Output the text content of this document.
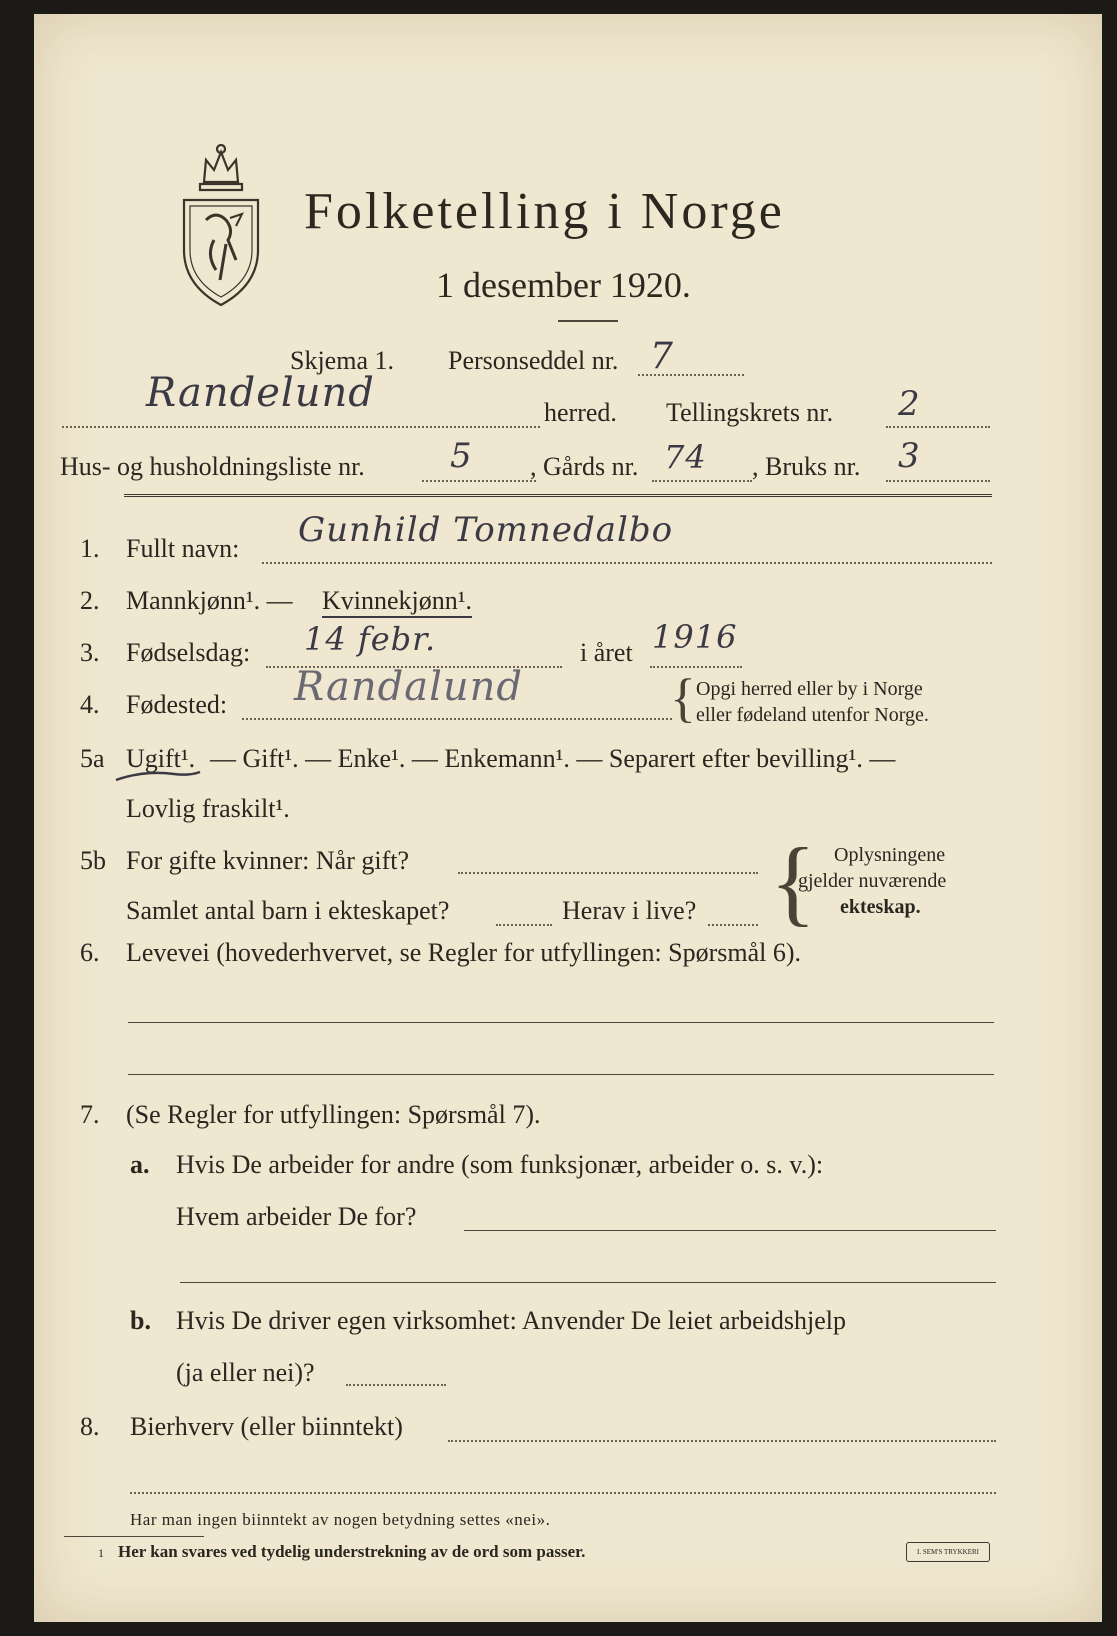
Folketelling i Norge
1 desember 1920.
Skjema 1. Personseddel nr. 7
Randelund	herred. Tellingskrets nr. 2
Hus- og husholdningsliste nr.	5 , Gårds nr. 74 , Bruks nr. 3
1. Fullt navn: Gunhild Tomnedalbo
2. Mannkjønn¹. — Kvinnekjønn¹.
3. Fødselsdag: 14 febr.	i året 1916
4. Fødested: Randalund	{ Opgi herred eller by i Norge
eller fødeland utenfor Norge.
5a Ugift¹. — Gift¹. — Enke¹. — Enkemann¹. — Separert efter bevilling¹. —
Lovlig fraskilt¹.
5b For gifte kvinner: Når gift?
Samlet antal barn i ekteskapet?	Herav i live? { Oplysningene
gjelder nuværende
ekteskap.
6. Levevei (hovederhvervet, se Regler for utfyllingen: Spørsmål 6).
7. (Se Regler for utfyllingen: Spørsmål 7).
a. Hvis De arbeider for andre (som funksjonær, arbeider o. s. v.):
Hvem arbeider De for?
b. Hvis De driver egen virksomhet: Anvender De leiet arbeidshjelp
(ja eller nei)?
8. Bierhverv (eller biinntekt)
Har man ingen biinntekt av nogen betydning settes «nei».
1 Her kan svares ved tydelig understrekning av de ord som passer.	I. SEM'S TRYKKERI
